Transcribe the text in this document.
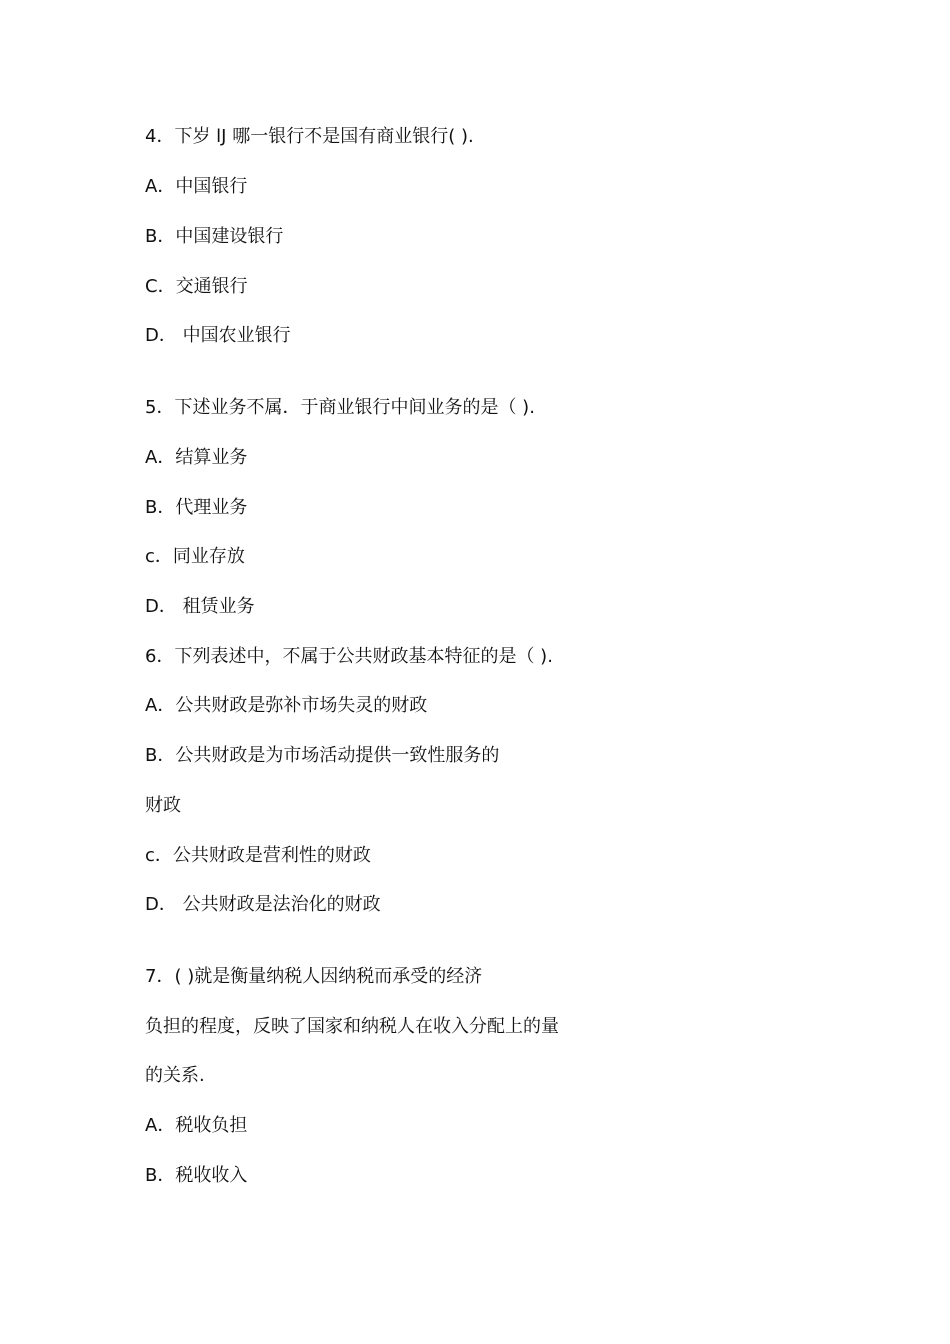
4．下岁 lJ 哪一银行不是国有商业银行( ).
A．中国银行
B．中国建设银行
C．交通银行
D． 中国农业银行
5．下述业务不属．于商业银行中间业务的是（ ).
A．结算业务
B．代理业务
c．同业存放
D． 租赁业务
6．下列表述中，不属于公共财政基本特征的是（ ).
A．公共财政是弥补市场失灵的财政
B．公共财政是为市场活动提供一致性服务的
财政
c．公共财政是营利性的财政
D． 公共财政是法治化的财政
7．( )就是衡量纳税人因纳税而承受的经济
负担的程度，反映了国家和纳税人在收入分配上的量
的关系.
A．税收负担
B．税收收入
